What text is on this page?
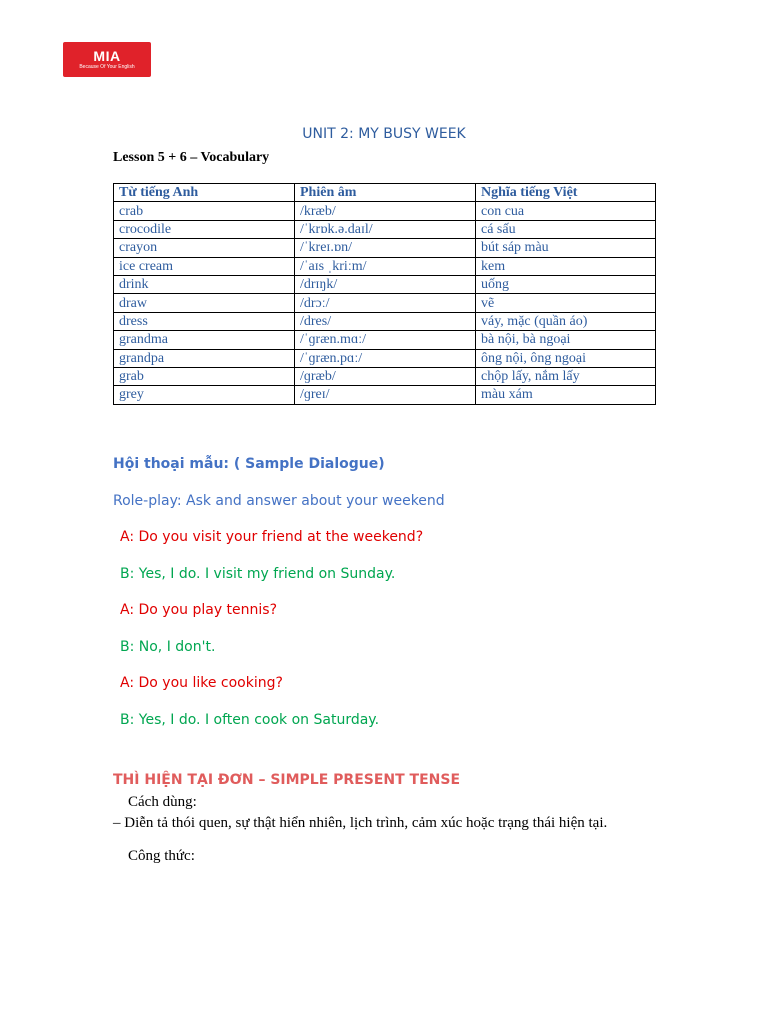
MIA
Because Of Your English
UNIT 2: MY BUSY WEEK
Lesson 5 + 6 – Vocabulary
Từ tiếng Anh	Phiên âm	Nghĩa tiếng Việt
crab	/kræb/	con cua
crocodile	/ˈkrɒk.ə.daɪl/	cá sấu
crayon	/ˈkreɪ.ɒn/	bút sáp màu
ice cream	/ˈaɪs ˌkriːm/	kem
drink	/drɪŋk/	uống
draw	/drɔː/	vẽ
dress	/dres/	váy, mặc (quần áo)
grandma	/ˈɡræn.mɑː/	bà nội, bà ngoại
grandpa	/ˈɡræn.pɑː/	ông nội, ông ngoại
grab	/ɡræb/	chộp lấy, nắm lấy
grey	/ɡreɪ/	màu xám
Hội thoại mẫu: ( Sample Dialogue)
Role-play: Ask and answer about your weekend
A: Do you visit your friend at the weekend?
B: Yes, I do. I visit my friend on Sunday.
A: Do you play tennis?
B: No, I don't.
A: Do you like cooking?
B: Yes, I do. I often cook on Saturday.
THÌ HIỆN TẠI ĐƠN – SIMPLE PRESENT TENSE
Cách dùng:
– Diễn tả thói quen, sự thật hiển nhiên, lịch trình, cảm xúc hoặc trạng thái hiện tại.
Công thức:
